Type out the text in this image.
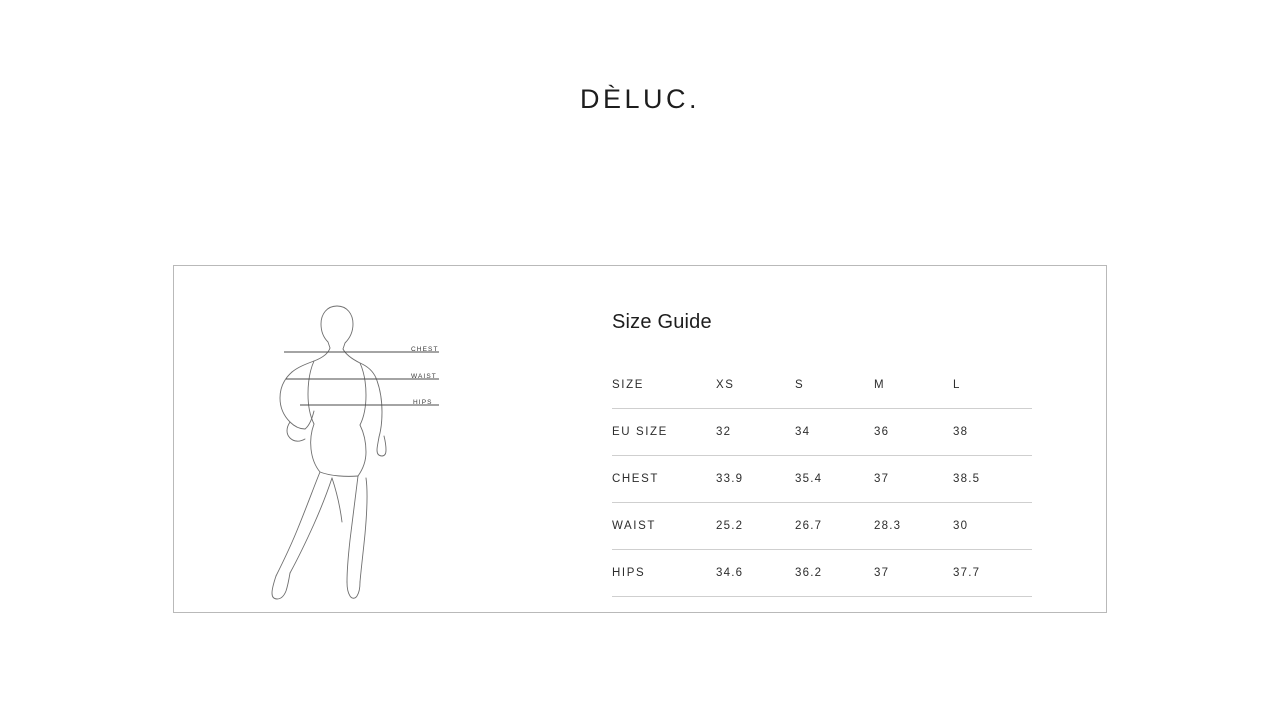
DÈLUC.
CHEST
WAIST
HIPS
Size Guide
SIZE	XS	S	M	L
EU SIZE	32	34	36	38
CHEST	33.9	35.4	37	38.5
WAIST	25.2	26.7	28.3	30
HIPS	34.6	36.2	37	37.7
